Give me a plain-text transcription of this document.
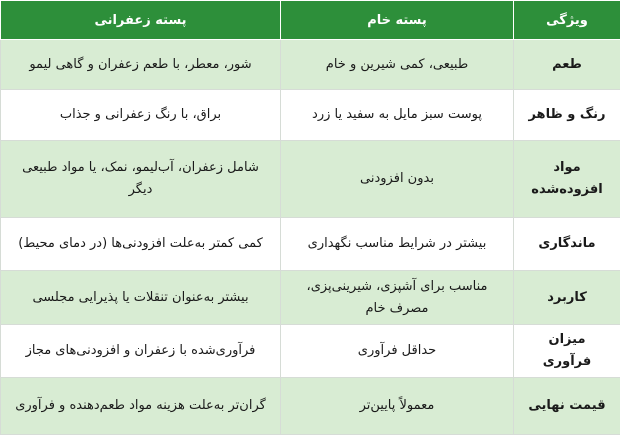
ویژگی	پسته خام	پسته زعفرانی
طعم	طبیعی، کمی شیرین و خام	شور، معطر، با طعم زعفران و گاهی لیمو
رنگ و ظاهر	پوست سبز مایل به سفید یا زرد	براق، با رنگ زعفرانی و جذاب
مواد افزوده‌شده	بدون افزودنی	شامل زعفران، آب‌لیمو، نمک، یا مواد طبیعی دیگر
ماندگاری	بیشتر در شرایط مناسب نگهداری	کمی کمتر به‌علت افزودنی‌ها (در دمای محیط)
کاربرد	مناسب برای آشپزی، شیرینی‌پزی، مصرف خام	بیشتر به‌عنوان تنقلات یا پذیرایی مجلسی
میزان فرآوری	حداقل فرآوری	فرآوری‌شده با زعفران و افزودنی‌های مجاز
قیمت نهایی	معمولاً پایین‌تر	گران‌تر به‌علت هزینه مواد طعم‌دهنده و فرآوری
